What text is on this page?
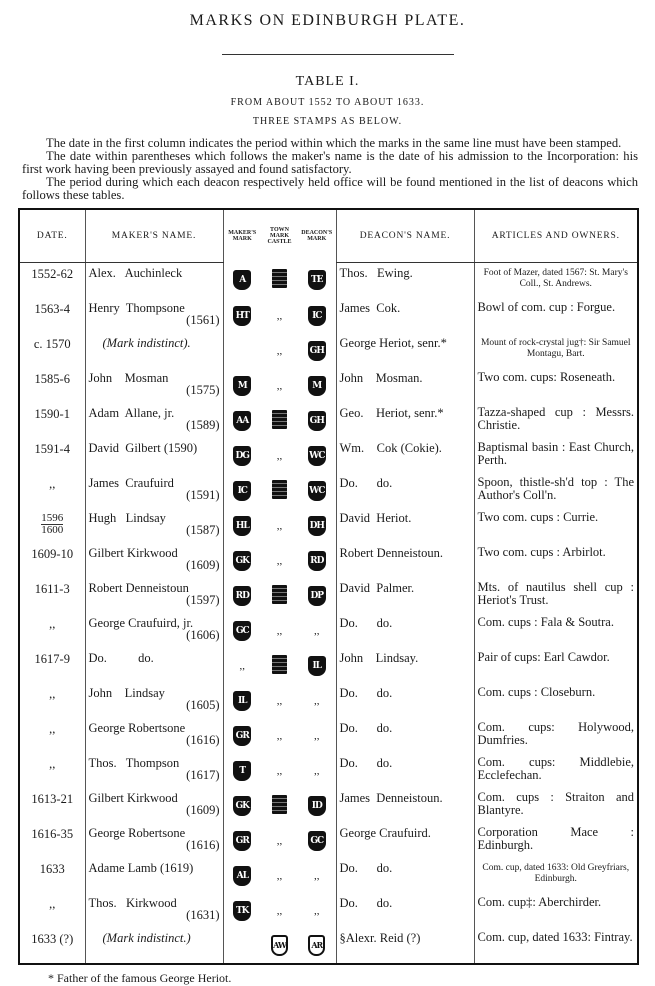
MARKS ON EDINBURGH PLATE.
TABLE I.
FROM ABOUT 1552 TO ABOUT 1633.
THREE STAMPS AS BELOW.

The date in the first column indicates the period within which the marks in the same line must have been stamped.

The date within parentheses which follows the maker's name is the date of his admission to the Incorporation: his first work having been previously assayed and found satisfactory.

The period during which each deacon respectively held office will be found mentioned in the list of deacons which follows these tables.

DATE.	MAKER'S NAME.	MAKER'S MARK	TOWN MARK CASTLE	DEACON'S MARK	DEACON'S NAME.	ARTICLES AND OWNERS.
1552-62	Alex.   Auchinleck	A		TE	Thos.   Ewing.	Foot of Mazer, dated 1567: St. Mary's Coll., St. Andrews.
1563-4	Henry  Thompsone
(1561)	HT	,,	IC	James  Cok.	Bowl of com. cup : Forgue.
c. 1570	(Mark indistinct).		,,	GH	George Heriot, senr.*	Mount of rock-crystal jug†: Sir Samuel Montagu, Bart.
1585-6	John    Mosman
(1575)	M	,,	M	John    Mosman.	Two com. cups: Roseneath.
1590-1	Adam  Allane, jr.
(1589)	AA		GH	Geo.    Heriot, senr.*	Tazza-shaped cup : Messrs. Christie.
1591-4	David  Gilbert (1590)	DG	,,	WC	Wm.    Cok (Cokie).	Baptismal basin : East Church, Perth.
,,	James  Craufuird
(1591)	IC		WC	Do.      do.	Spoon, thistle-sh'd top : The Author's Coll'n.

$\frac{1596}{1600}$	Hugh   Lindsay
(1587)	HL	,,	DH	David  Heriot.	Two com. cups : Currie.
1609-10	Gilbert Kirkwood
(1609)	GK	,,	RD	Robert Denneistoun.	Two com. cups : Arbirlot.
1611-3	Robert Denneistoun
(1597)	RD		DP	David  Palmer.	Mts. of nautilus shell cup : Heriot's Trust.
,,	George Craufuird, jr.
(1606)	GC	,,	,,	Do.      do.	Com. cups : Fala & Soutra.
1617-9	Do.          do.	,,		IL	John    Lindsay.	Pair of cups: Earl Cawdor.
,,	John    Lindsay
(1605)	IL	,,	,,	Do.      do.	Com. cups : Closeburn.
,,	George Robertsone
(1616)	GR	,,	,,	Do.      do.	Com. cups: Holywood, Dumfries.
,,	Thos.   Thompson
(1617)	T	,,	,,	Do.      do.	Com. cups: Middlebie, Ecclefechan.
1613-21	Gilbert Kirkwood
(1609)	GK		ID	James  Denneistoun.	Com. cups : Straiton and Blantyre.
1616-35	George Robertsone
(1616)	GR	,,	GC	George Craufuird.	Corporation Mace : Edinburgh.
1633	Adame Lamb (1619)	AL	,,	,,	Do.      do.	Com. cup, dated 1633: Old Greyfriars, Edinburgh.
,,	Thos.   Kirkwood
(1631)	TK	,,	,,	Do.      do.	Com. cup‡: Aberchirder.
1633 (?)	(Mark indistinct.)		AW	AR	§Alexr. Reid (?)	Com. cup, dated 1633: Fintray.
* Father of the famous George Heriot.
